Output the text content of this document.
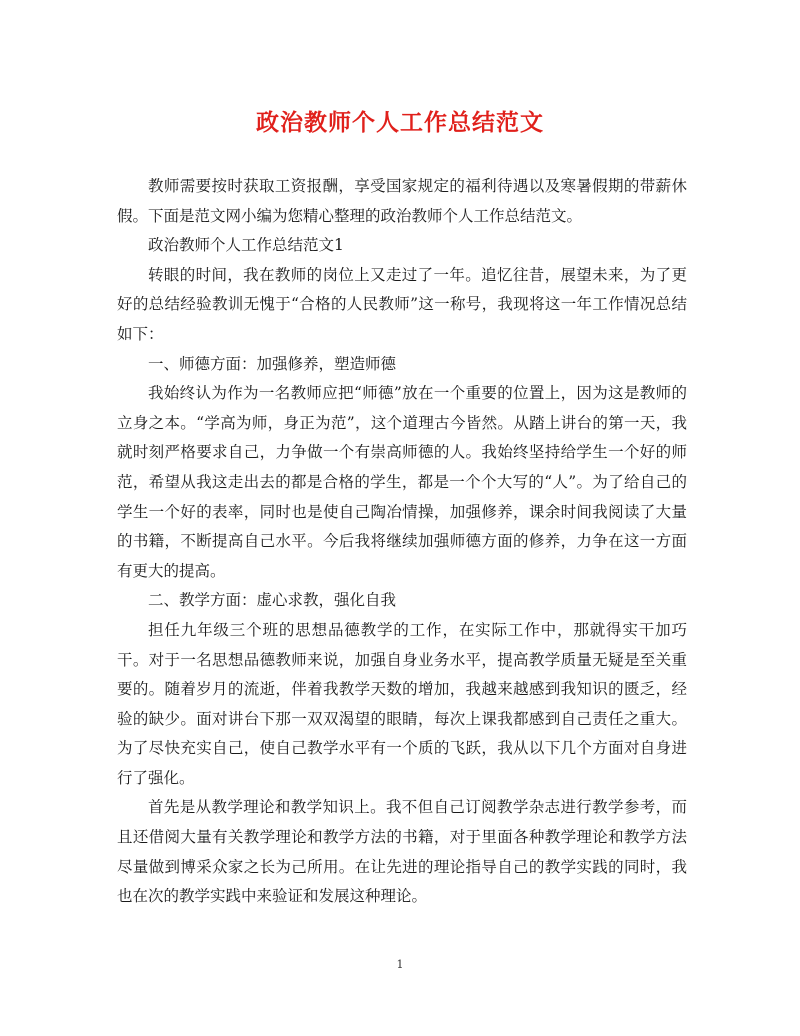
政治教师个人工作总结范文

教师需要按时获取工资报酬，享受国家规定的福利待遇以及寒暑假期的带薪休假。下面是范文网小编为您精心整理的政治教师个人工作总结范文。

政治教师个人工作总结范文1

转眼的时间，我在教师的岗位上又走过了一年。追忆往昔，展望未来，为了更好的总结经验教训无愧于“合格的人民教师”这一称号，我现将这一年工作情况总结如下：

一、师德方面：加强修养，塑造师德

我始终认为作为一名教师应把“师德”放在一个重要的位置上，因为这是教师的立身之本。“学高为师，身正为范”，这个道理古今皆然。从踏上讲台的第一天，我就时刻严格要求自己，力争做一个有崇高师德的人。我始终坚持给学生一个好的师范，希望从我这走出去的都是合格的学生，都是一个个大写的“人”。为了给自己的学生一个好的表率，同时也是使自己陶冶情操，加强修养，课余时间我阅读了大量的书籍，不断提高自己水平。今后我将继续加强师德方面的修养，力争在这一方面有更大的提高。

二、教学方面：虚心求教，强化自我

担任九年级三个班的思想品德教学的工作，在实际工作中，那就得实干加巧干。对于一名思想品德教师来说，加强自身业务水平，提高教学质量无疑是至关重要的。随着岁月的流逝，伴着我教学天数的增加，我越来越感到我知识的匮乏，经验的缺少。面对讲台下那一双双渴望的眼睛，每次上课我都感到自己责任之重大。为了尽快充实自己，使自己教学水平有一个质的飞跃，我从以下几个方面对自身进行了强化。

首先是从教学理论和教学知识上。我不但自己订阅教学杂志进行教学参考，而且还借阅大量有关教学理论和教学方法的书籍，对于里面各种教学理论和教学方法尽量做到博采众家之长为己所用。在让先进的理论指导自己的教学实践的同时，我也在次的教学实践中来验证和发展这种理论。

1
